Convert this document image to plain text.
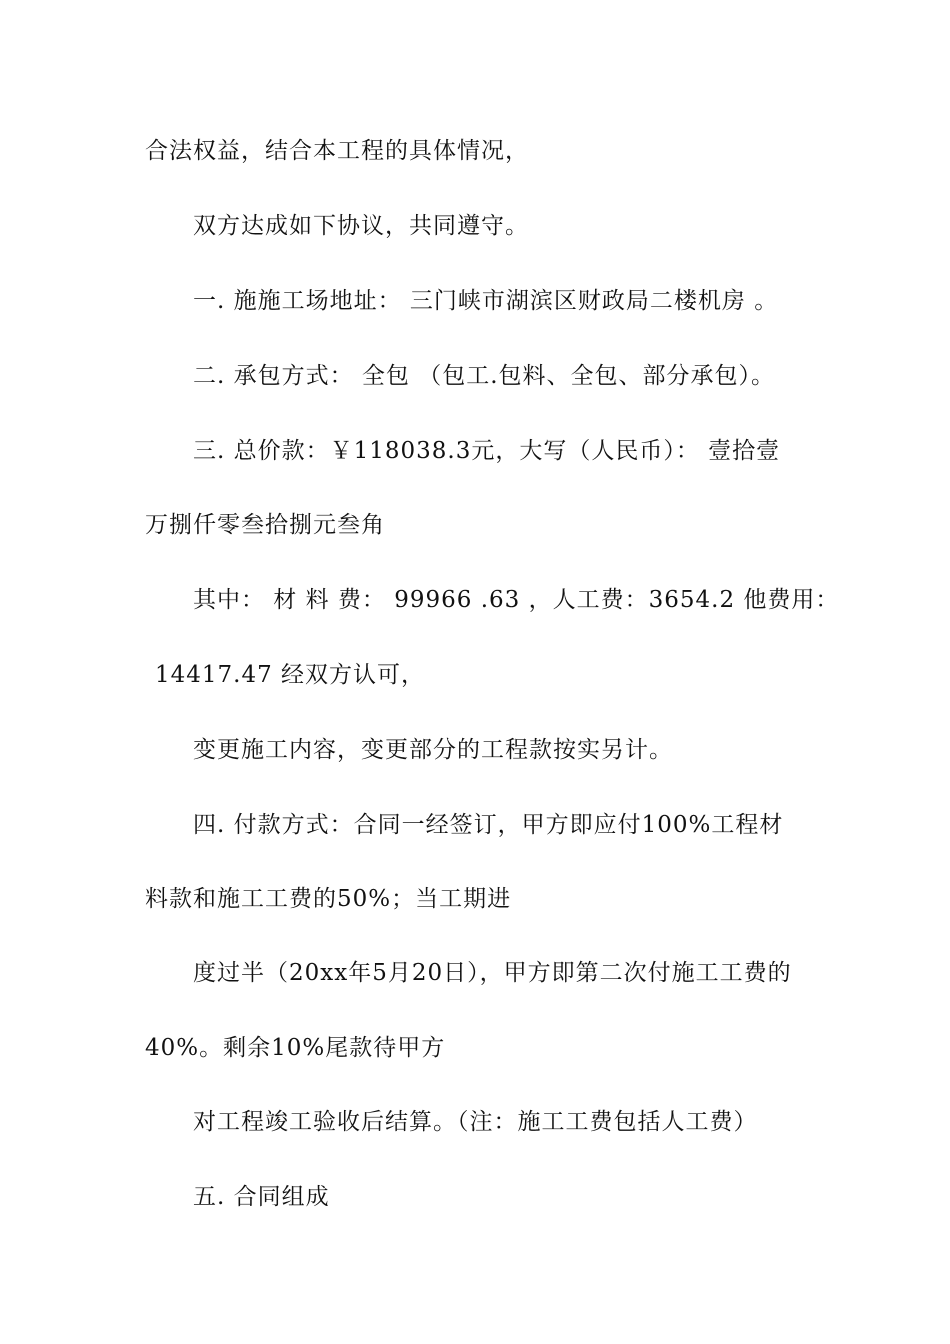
合法权益，结合本工程的具体情况，
双方达成如下协议，共同遵守。
一. 施施工场地址： 三门峡市湖滨区财政局二楼机房 。
二. 承包方式： 全包 （包工.包料、全包、部分承包）。
三. 总价款：￥118038.3元，大写（人民币）： 壹拾壹
万捌仟零叁拾捌元叁角
其中： 材 料 费： 99966 .63 ，人工费：3654.2 他费用：
14417.47 经双方认可，
变更施工内容，变更部分的工程款按实另计。
四. 付款方式：合同一经签订，甲方即应付100%工程材
料款和施工工费的50%；当工期进
度过半（20xx年5月20日），甲方即第二次付施工工费的
40%。剩余10%尾款待甲方
对工程竣工验收后结算。（注：施工工费包括人工费）
五. 合同组成
